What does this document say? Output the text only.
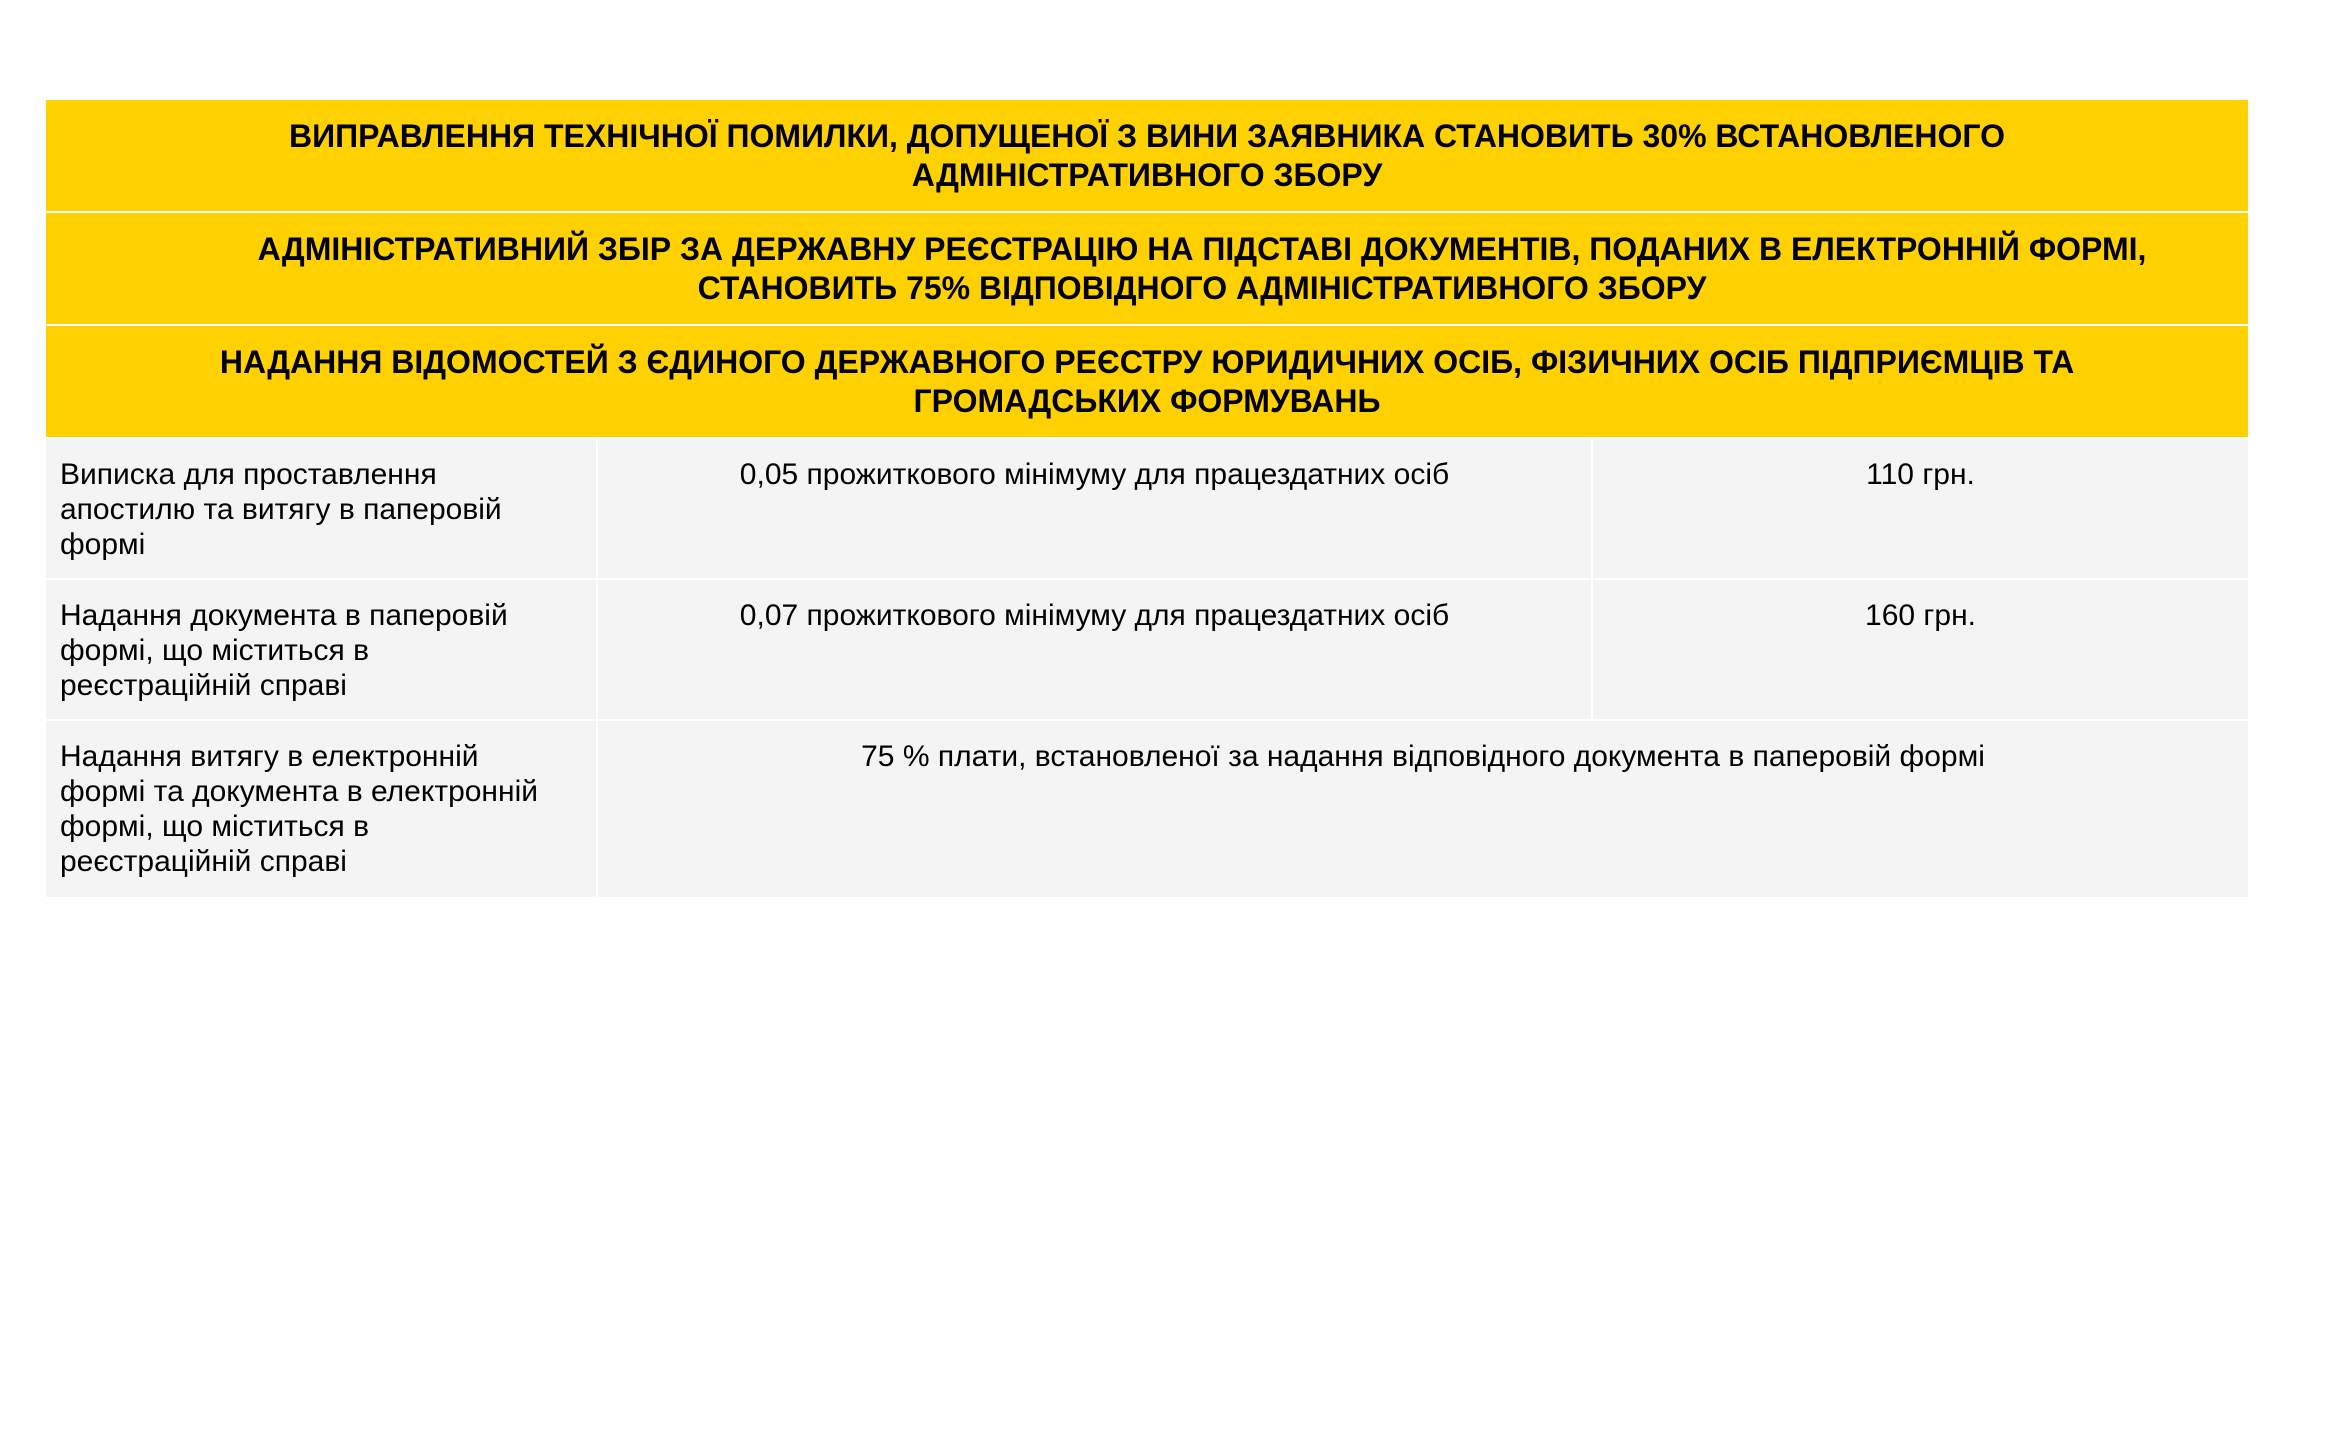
ВИПРАВЛЕННЯ ТЕХНІЧНОЇ ПОМИЛКИ, ДОПУЩЕНОЇ З ВИНИ ЗАЯВНИКА СТАНОВИТЬ 30% ВСТАНОВЛЕНОГО
АДМІНІСТРАТИВНОГО ЗБОРУ		

АДМІНІСТРАТИВНИЙ ЗБІР ЗА ДЕРЖАВНУ РЕЄСТРАЦІЮ НА ПІДСТАВІ ДОКУМЕНТІВ, ПОДАНИХ В ЕЛЕКТРОННІЙ ФОРМІ,
СТАНОВИТЬ 75% ВІДПОВІДНОГО АДМІНІСТРАТИВНОГО ЗБОРУ		

НАДАННЯ ВІДОМОСТЕЙ З ЄДИНОГО ДЕРЖАВНОГО РЕЄСТРУ ЮРИДИЧНИХ ОСІБ, ФІЗИЧНИХ ОСІБ ПІДПРИЄМЦІВ ТА
ГРОМАДСЬКИХ ФОРМУВАНЬ		

Виписка для проставлення
апостилю та витягу в паперовій
формі	0,05 прожиткового мінімуму для працездатних осіб	110 грн.

Надання документа в паперовій
формі, що міститься в
реєстраційній справі	0,07 прожиткового мінімуму для працездатних осіб	160 грн.

Надання витягу в електронній
формі та документа в електронній
формі, що міститься в
реєстраційній справі	75 % плати, встановленої за надання відповідного документа в паперовій формі	
